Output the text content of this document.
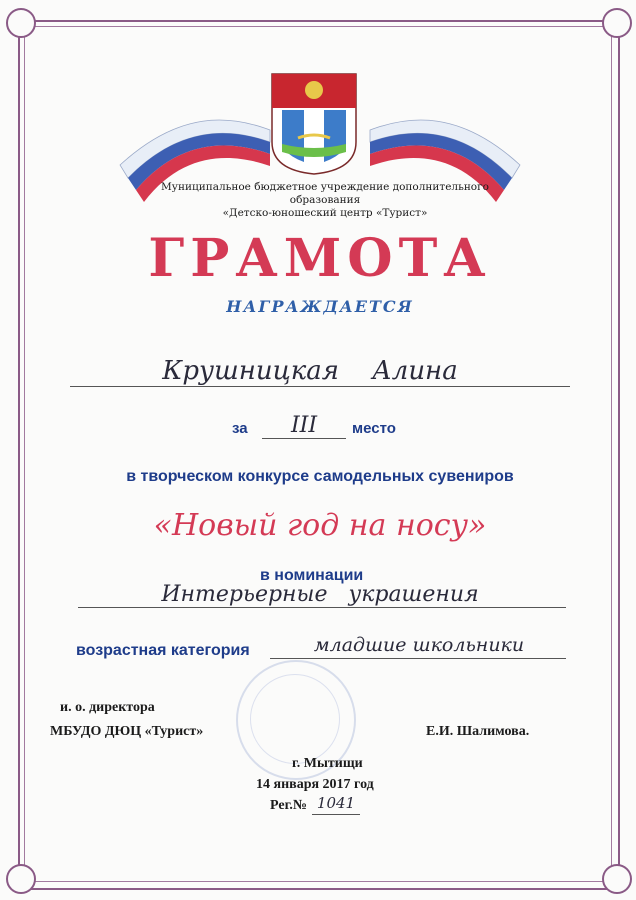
Муниципальное бюджетное учреждение дополнительного
образования
«Детско-юношеский центр «Турист»
ГРАМОТА
НАГРАЖДАЕТСЯ
Крушницкая    Алина
за	III	место
в творческом конкурсе самодельных сувениров
«Новый год на носу»
в номинации
Интерьерные   украшения
возрастная категория	младшие школьники
и. о. директора
МБУДО ДЮЦ «Турист»	Е.И. Шалимова.
г. Мытищи
14 января 2017 год
Рег.№ 1041
